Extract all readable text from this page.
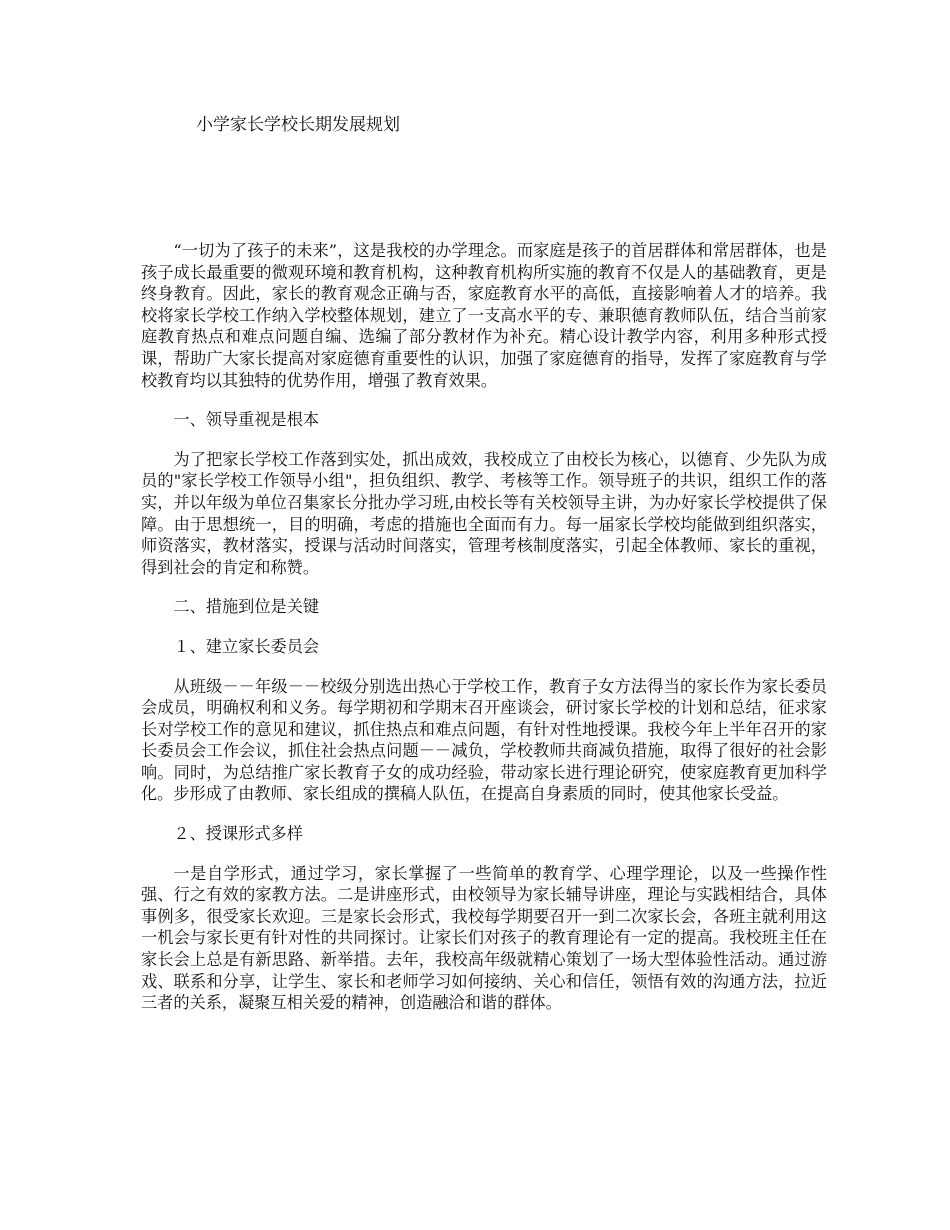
小学家长学校长期发展规划

“一切为了孩子的未来”，这是我校的办学理念。而家庭是孩子的首居群体和常居群体，也是孩子成长最重要的微观环境和教育机构，这种教育机构所实施的教育不仅是人的基础教育，更是终身教育。因此，家长的教育观念正确与否，家庭教育水平的高低，直接影响着人才的培养。我校将家长学校工作纳入学校整体规划，建立了一支高水平的专、兼职德育教师队伍，结合当前家庭教育热点和难点问题自编、选编了部分教材作为补充。精心设计教学内容，利用多种形式授课，帮助广大家长提高对家庭德育重要性的认识，加强了家庭德育的指导，发挥了家庭教育与学校教育均以其独特的优势作用，增强了教育效果。

一、领导重视是根本

为了把家长学校工作落到实处，抓出成效，我校成立了由校长为核心，以德育、少先队为成员的"家长学校工作领导小组"，担负组织、教学、考核等工作。领导班子的共识，组织工作的落实，并以年级为单位召集家长分批办学习班,由校长等有关校领导主讲，为办好家长学校提供了保障。由于思想统一，目的明确，考虑的措施也全面而有力。每一届家长学校均能做到组织落实，师资落实，教材落实，授课与活动时间落实，管理考核制度落实，引起全体教师、家长的重视，得到社会的肯定和称赞。

二、措施到位是关键

１、建立家长委员会

从班级－－年级－－校级分别选出热心于学校工作，教育子女方法得当的家长作为家长委员会成员，明确权利和义务。每学期初和学期末召开座谈会，研讨家长学校的计划和总结，征求家长对学校工作的意见和建议，抓住热点和难点问题，有针对性地授课。我校今年上半年召开的家长委员会工作会议，抓住社会热点问题－－减负，学校教师共商减负措施，取得了很好的社会影响。同时，为总结推广家长教育子女的成功经验，带动家长进行理论研究，使家庭教育更加科学化。步形成了由教师、家长组成的撰稿人队伍，在提高自身素质的同时，使其他家长受益。

２、授课形式多样

一是自学形式，通过学习，家长掌握了一些简单的教育学、心理学理论，以及一些操作性强、行之有效的家教方法。二是讲座形式，由校领导为家长辅导讲座，理论与实践相结合，具体事例多，很受家长欢迎。三是家长会形式，我校每学期要召开一到二次家长会，各班主就利用这一机会与家长更有针对性的共同探讨。让家长们对孩子的教育理论有一定的提高。我校班主任在家长会上总是有新思路、新举措。去年，我校高年级就精心策划了一场大型体验性活动。通过游戏、联系和分享，让学生、家长和老师学习如何接纳、关心和信任，领悟有效的沟通方法，拉近三者的关系，凝聚互相关爱的精神，创造融洽和谐的群体。
